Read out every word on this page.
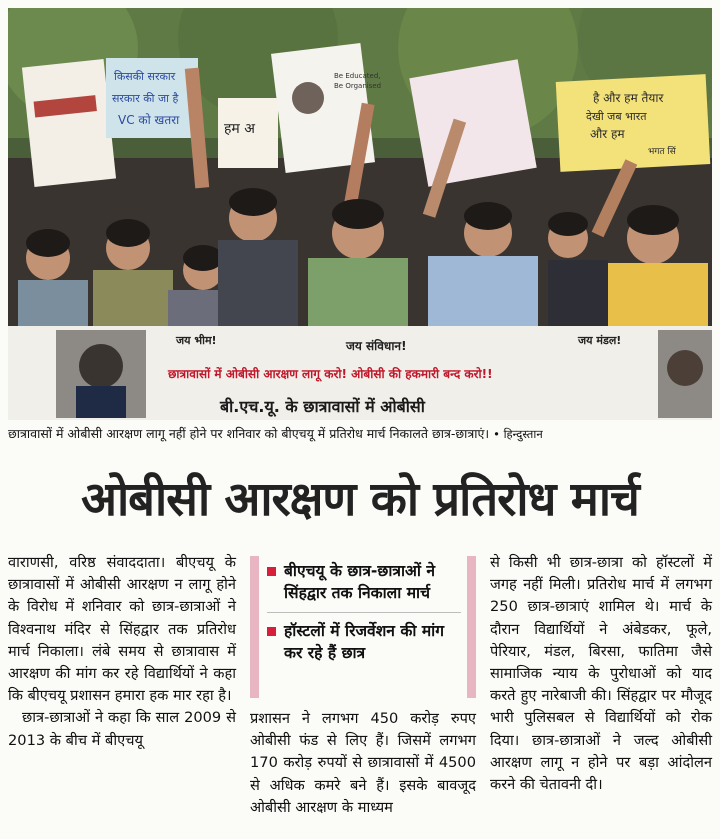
किसकी सरकार
सरकार की जा है
VC को खतरा
हम अ
Be Educated,
Be Organised
है और हम तैयार
देखी जब भारत
और हम
भगत सिं
जय भीम!	जय संविधान!	जय मंडल!
छात्रावासों में ओबीसी आरक्षण लागू करो! ओबीसी की हकमारी बन्द करो!!
बी.एच.यू. के छात्रावासों में ओबीसी
छात्रावासों में ओबीसी आरक्षण लागू नहीं होने पर शनिवार को बीएचयू में प्रतिरोध मार्च निकालते छात्र-छात्राएं। • हिन्दुस्तान
ओबीसी आरक्षण को प्रतिरोध मार्च

वाराणसी, वरिष्ठ संवाददाता। बीएचयू के छात्रावासों में ओबीसी आरक्षण न लागू होने के विरोध में शनिवार को छात्र-छात्राओं ने विश्वनाथ मंदिर से सिंहद्वार तक प्रतिरोध मार्च निकाला। लंबे समय से छात्रावास में आरक्षण की मांग कर रहे विद्यार्थियों ने कहा कि बीएचयू प्रशासन हमारा हक मार रहा है।

छात्र-छात्राओं ने कहा कि साल 2009 से 2013 के बीच में बीएचयू

बीएचयू के छात्र-छात्राओं ने सिंहद्वार तक निकाला मार्च
हॉस्टलों में रिजर्वेशन की मांग कर रहे हैं छात्र

प्रशासन ने लगभग 450 करोड़ रुपए ओबीसी फंड से लिए हैं। जिसमें लगभग 170 करोड़ रुपयों से छात्रावासों में 4500 से अधिक कमरे बने हैं। इसके बावजूद ओबीसी आरक्षण के माध्यम

से किसी भी छात्र-छात्रा को हॉस्टलों में जगह नहीं मिली। प्रतिरोध मार्च में लगभग 250 छात्र-छात्राएं शामिल थे। मार्च के दौरान विद्यार्थियों ने अंबेडकर, फूले, पेरियार, मंडल, बिरसा, फातिमा जैसे सामाजिक न्याय के पुरोधाओं को याद करते हुए नारेबाजी की। सिंहद्वार पर मौजूद भारी पुलिसबल से विद्यार्थियों को रोक दिया। छात्र-छात्राओं ने जल्द ओबीसी आरक्षण लागू न होने पर बड़ा आंदोलन करने की चेतावनी दी।
